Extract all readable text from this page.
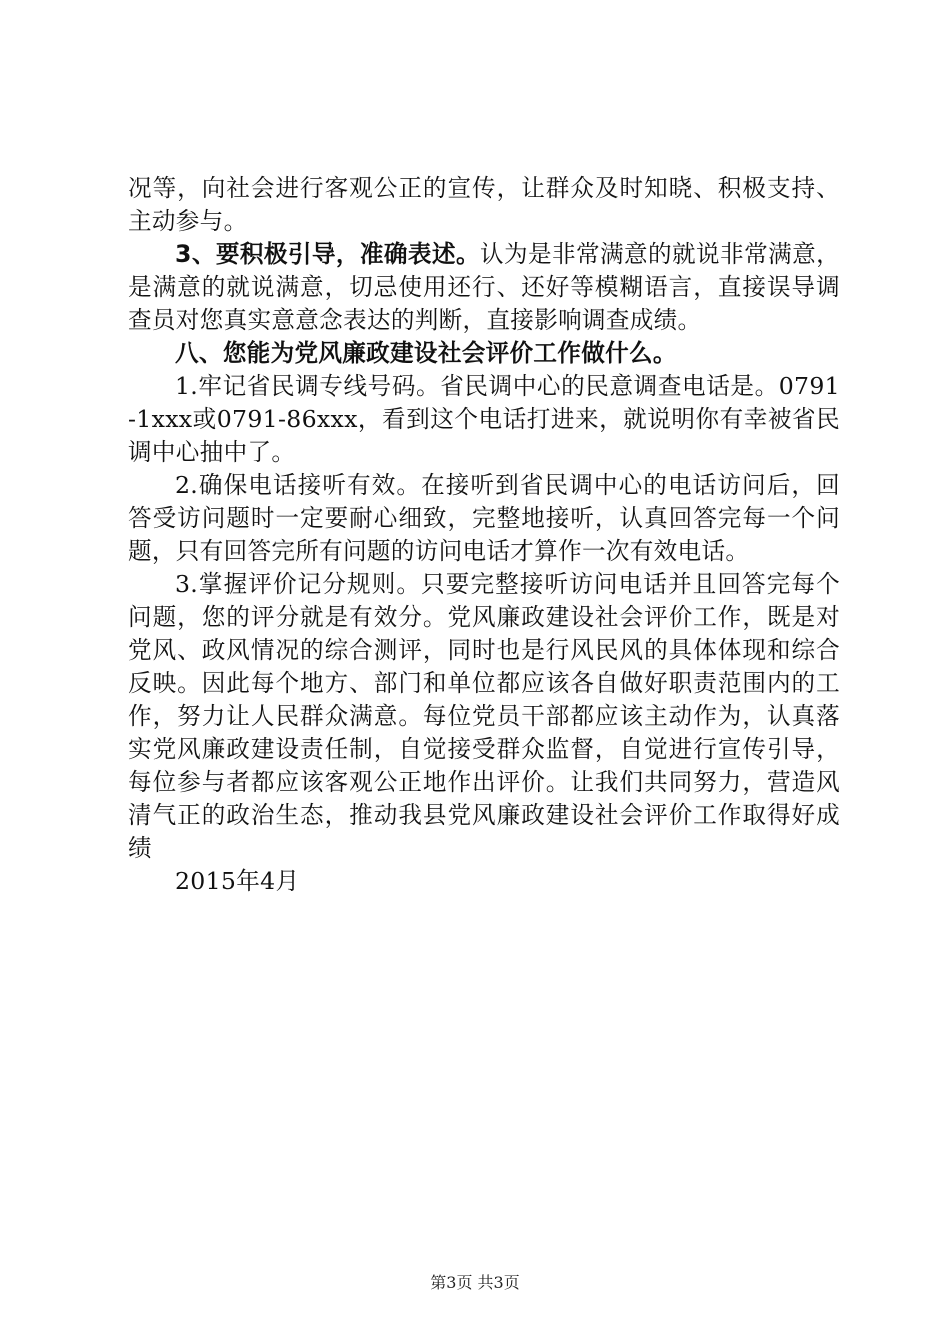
况等，向社会进行客观公正的宣传，让群众及时知晓、积极支持、主动参与。

3、要积极引导，准确表述。认为是非常满意的就说非常满意，是满意的就说满意，切忌使用还行、还好等模糊语言，直接误导调查员对您真实意意念表达的判断，直接影响调查成绩。

八、您能为党风廉政建设社会评价工作做什么。

1.牢记省民调专线号码。省民调中心的民意调查电话是。0791-1xxx或0791-86xxx，看到这个电话打进来，就说明你有幸被省民调中心抽中了。

2.确保电话接听有效。在接听到省民调中心的电话访问后，回答受访问题时一定要耐心细致，完整地接听，认真回答完每一个问题，只有回答完所有问题的访问电话才算作一次有效电话。

3.掌握评价记分规则。只要完整接听访问电话并且回答完每个问题，您的评分就是有效分。党风廉政建设社会评价工作，既是对党风、政风情况的综合测评，同时也是行风民风的具体体现和综合反映。因此每个地方、部门和单位都应该各自做好职责范围内的工作，努力让人民群众满意。每位党员干部都应该主动作为，认真落实党风廉政建设责任制，自觉接受群众监督，自觉进行宣传引导，每位参与者都应该客观公正地作出评价。让我们共同努力，营造风清气正的政治生态，推动我县党风廉政建设社会评价工作取得好成绩

2015年4月

第3页 共3页
